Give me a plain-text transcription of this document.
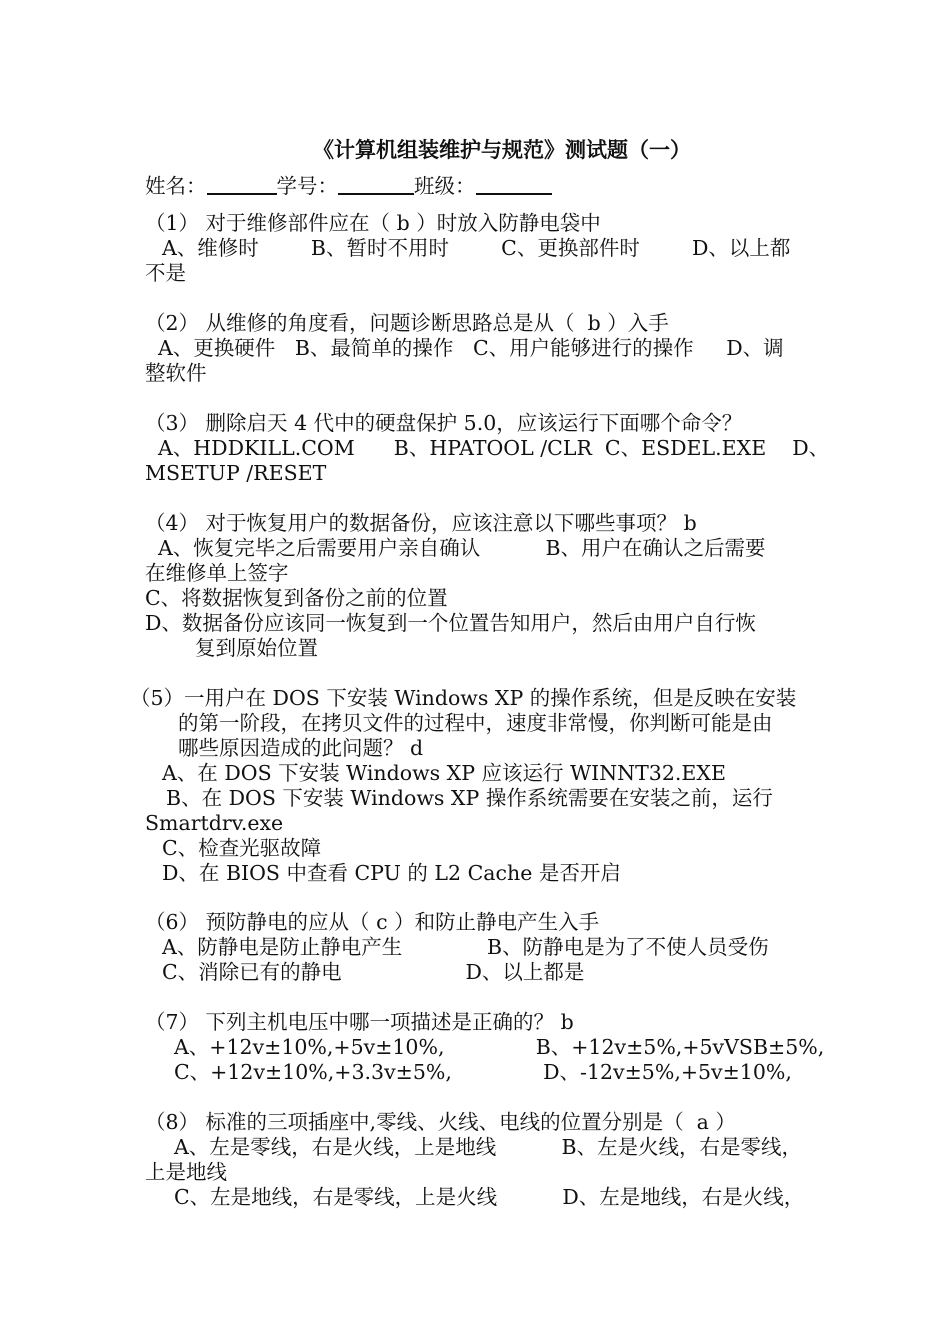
《计算机组装维护与规范》测试题（一）
姓名：	学号：	班级：
（1） 对于维修部件应在（ b ）时放入防静电袋中
A、维修时        B、暂时不用时        C、更换部件时        D、以上都
不是
（2） 从维修的角度看，问题诊断思路总是从（  b ）入手
A、更换硬件   B、最简单的操作   C、用户能够进行的操作     D、调
整软件
（3） 删除启天 4 代中的硬盘保护 5.0，应该运行下面哪个命令？
A、HDDKILL.COM      B、HPATOOL /CLR  C、ESDEL.EXE    D、
MSETUP /RESET
（4） 对于恢复用户的数据备份，应该注意以下哪些事项？ b
A、恢复完毕之后需要用户亲自确认          B、用户在确认之后需要
在维修单上签字
C、将数据恢复到备份之前的位置
D、数据备份应该同一恢复到一个位置告知用户，然后由用户自行恢
复到原始位置
（5）一用户在 DOS 下安装 Windows XP 的操作系统，但是反映在安装
的第一阶段，在拷贝文件的过程中，速度非常慢，你判断可能是由
哪些原因造成的此问题？ d
A、在 DOS 下安装 Windows XP 应该运行 WINNT32.EXE
B、在 DOS 下安装 Windows XP 操作系统需要在安装之前，运行
Smartdrv.exe
C、检查光驱故障
D、在 BIOS 中查看 CPU 的 L2 Cache 是否开启
（6） 预防静电的应从（ c ）和防止静电产生入手
A、防静电是防止静电产生             B、防静电是为了不使人员受伤
C、消除已有的静电                   D、以上都是
（7） 下列主机电压中哪一项描述是正确的？ b
A、+12v±10%,+5v±10%,              B、+12v±5%,+5vVSB±5%,
C、+12v±10%,+3.3v±5%,              D、-12v±5%,+5v±10%,
（8） 标准的三项插座中,零线、火线、电线的位置分别是（  a ）
A、左是零线，右是火线，上是地线          B、左是火线，右是零线，
上是地线
C、左是地线，右是零线，上是火线          D、左是地线，右是火线，
